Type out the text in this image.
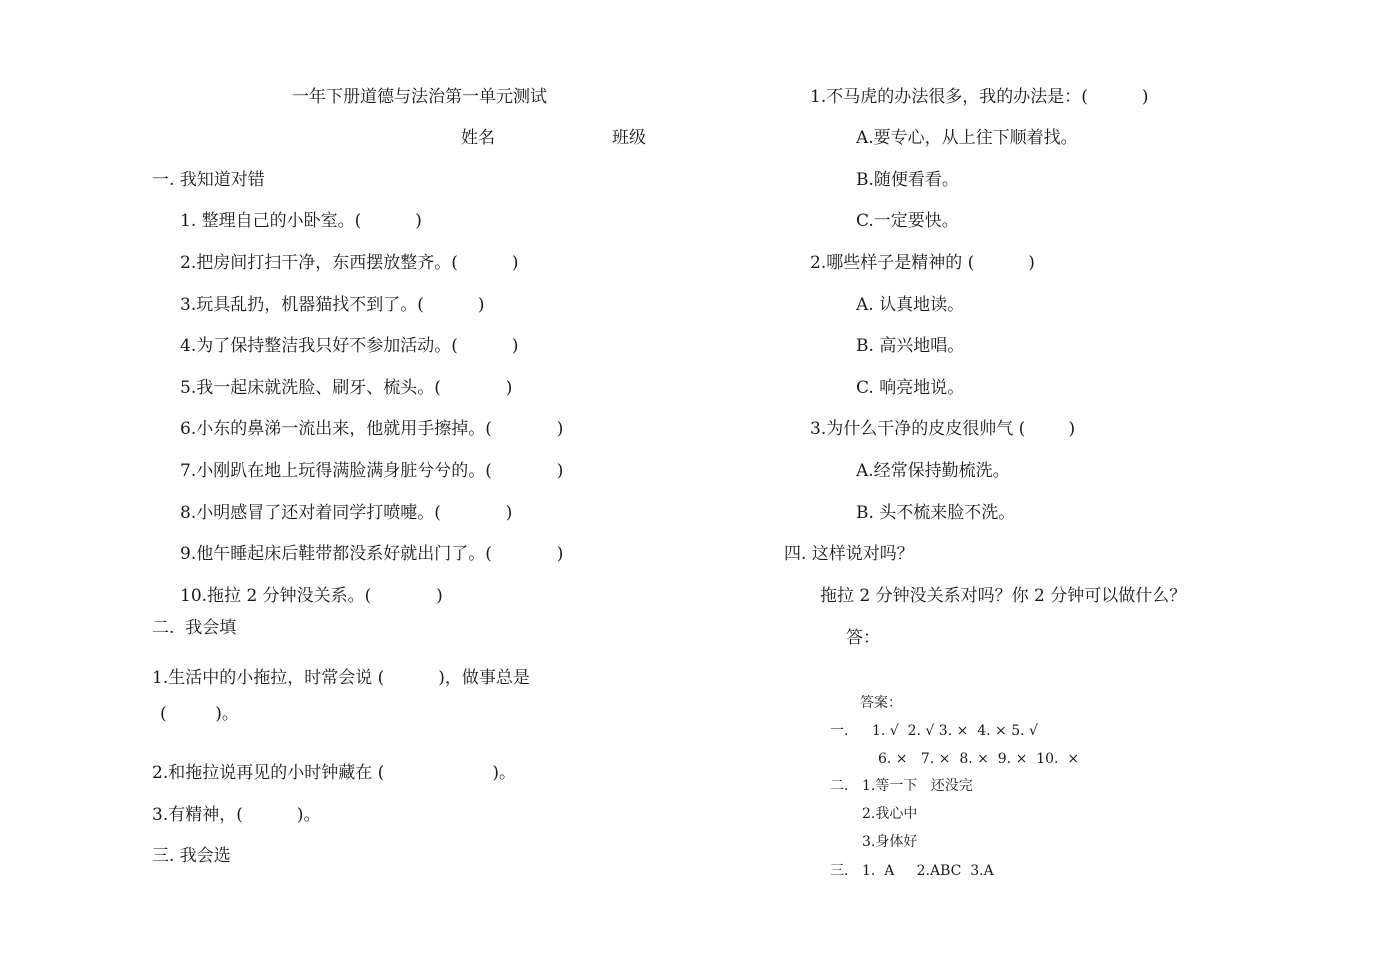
一年下册道德与法治第一单元测试
姓名	班级
一. 我知道对错
1. 整理自己的小卧室。(          )
2.把房间打扫干净，东西摆放整齐。(          )
3.玩具乱扔，机器猫找不到了。(          )
4.为了保持整洁我只好不参加活动。(          )
5.我一起床就洗脸、刷牙、梳头。(            )
6.小东的鼻涕一流出来，他就用手擦掉。(            )
7.小刚趴在地上玩得满脸满身脏兮兮的。(            )
8.小明感冒了还对着同学打喷嚏。(            )
9.他午睡起床后鞋带都没系好就出门了。(            )
10.拖拉 2 分钟没关系。(            )
二.  我会填
1.生活中的小拖拉，时常会说 (          )，做事总是
(         )。
2.和拖拉说再见的小时钟藏在 (                    )。
3.有精神，(          )。
三. 我会选
1.不马虎的办法很多，我的办法是：(          )
A.要专心，从上往下顺着找。
B.随便看看。
C.一定要快。
2.哪些样子是精神的 (          )
A. 认真地读。
B. 高兴地唱。
C. 响亮地说。
3.为什么干净的皮皮很帅气 (        )
A.经常保持勤梳洗。
B. 头不梳来脸不洗。
四. 这样说对吗？
拖拉 2 分钟没关系对吗？你 2 分钟可以做什么？
答：
答案：
一. 1. √  2. √ 3. ×  4. × 5. √
6. ×   7. ×  8. ×  9. ×  10.  ×
二. 1.等一下   还没完
2.我心中
3.身体好
三. 1.  A     2.ABC  3.A
